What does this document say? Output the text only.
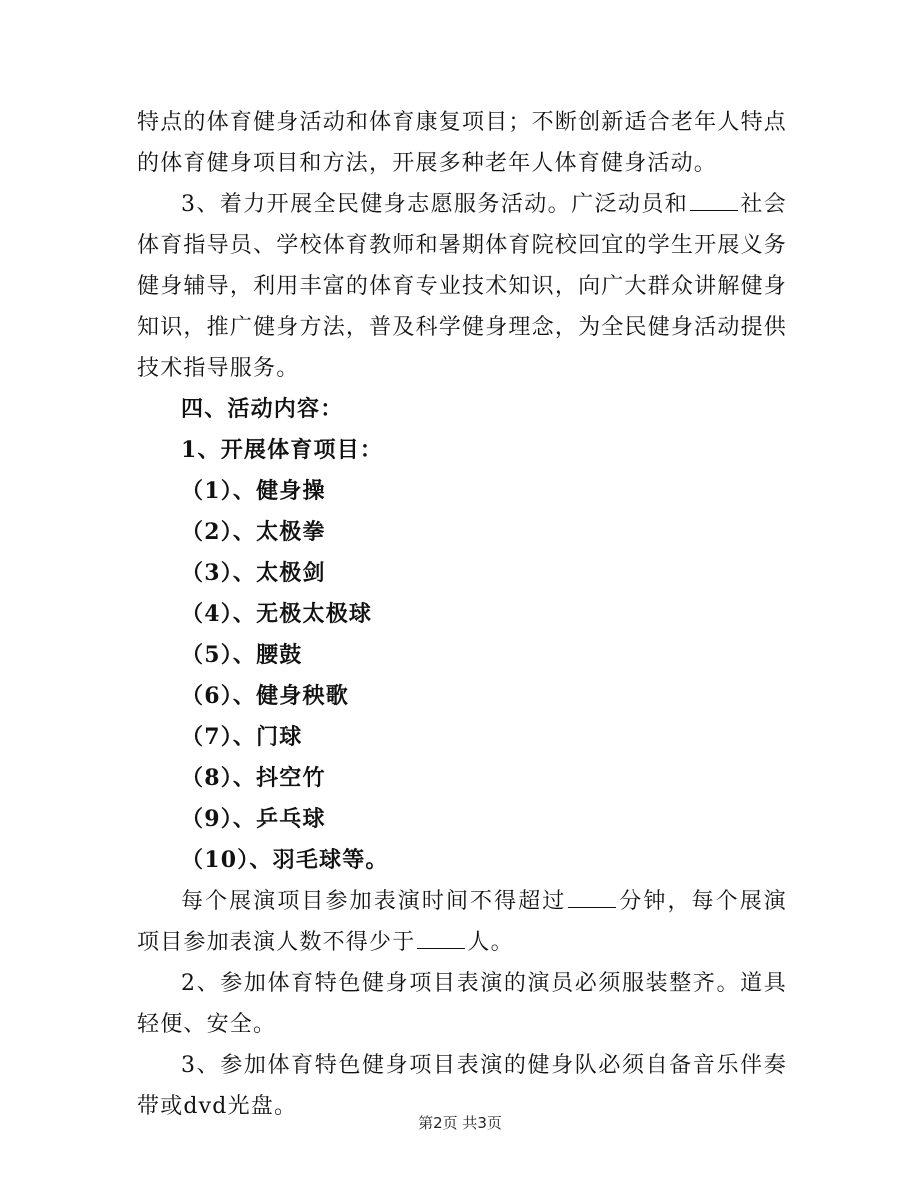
特点的体育健身活动和体育康复项目；不断创新适合老年人特点的体育健身项目和方法，开展多种老年人体育健身活动。

3、着力开展全民健身志愿服务活动。广泛动员和 社会体育指导员、学校体育教师和暑期体育院校回宜的学生开展义务健身辅导，利用丰富的体育专业技术知识，向广大群众讲解健身知识，推广健身方法，普及科学健身理念，为全民健身活动提供技术指导服务。

四、活动内容：

1、开展体育项目：

（1）、健身操

（2）、太极拳

（3）、太极剑

（4）、无极太极球

（5）、腰鼓

（6）、健身秧歌

（7）、门球

（8）、抖空竹

（9）、乒乓球

（10）、羽毛球等。

每个展演项目参加表演时间不得超过 分钟，每个展演项目参加表演人数不得少于 人。

2、参加体育特色健身项目表演的演员必须服装整齐。道具轻便、安全。

3、参加体育特色健身项目表演的健身队必须自备音乐伴奏带或dvd光盘。

第2页 共3页
